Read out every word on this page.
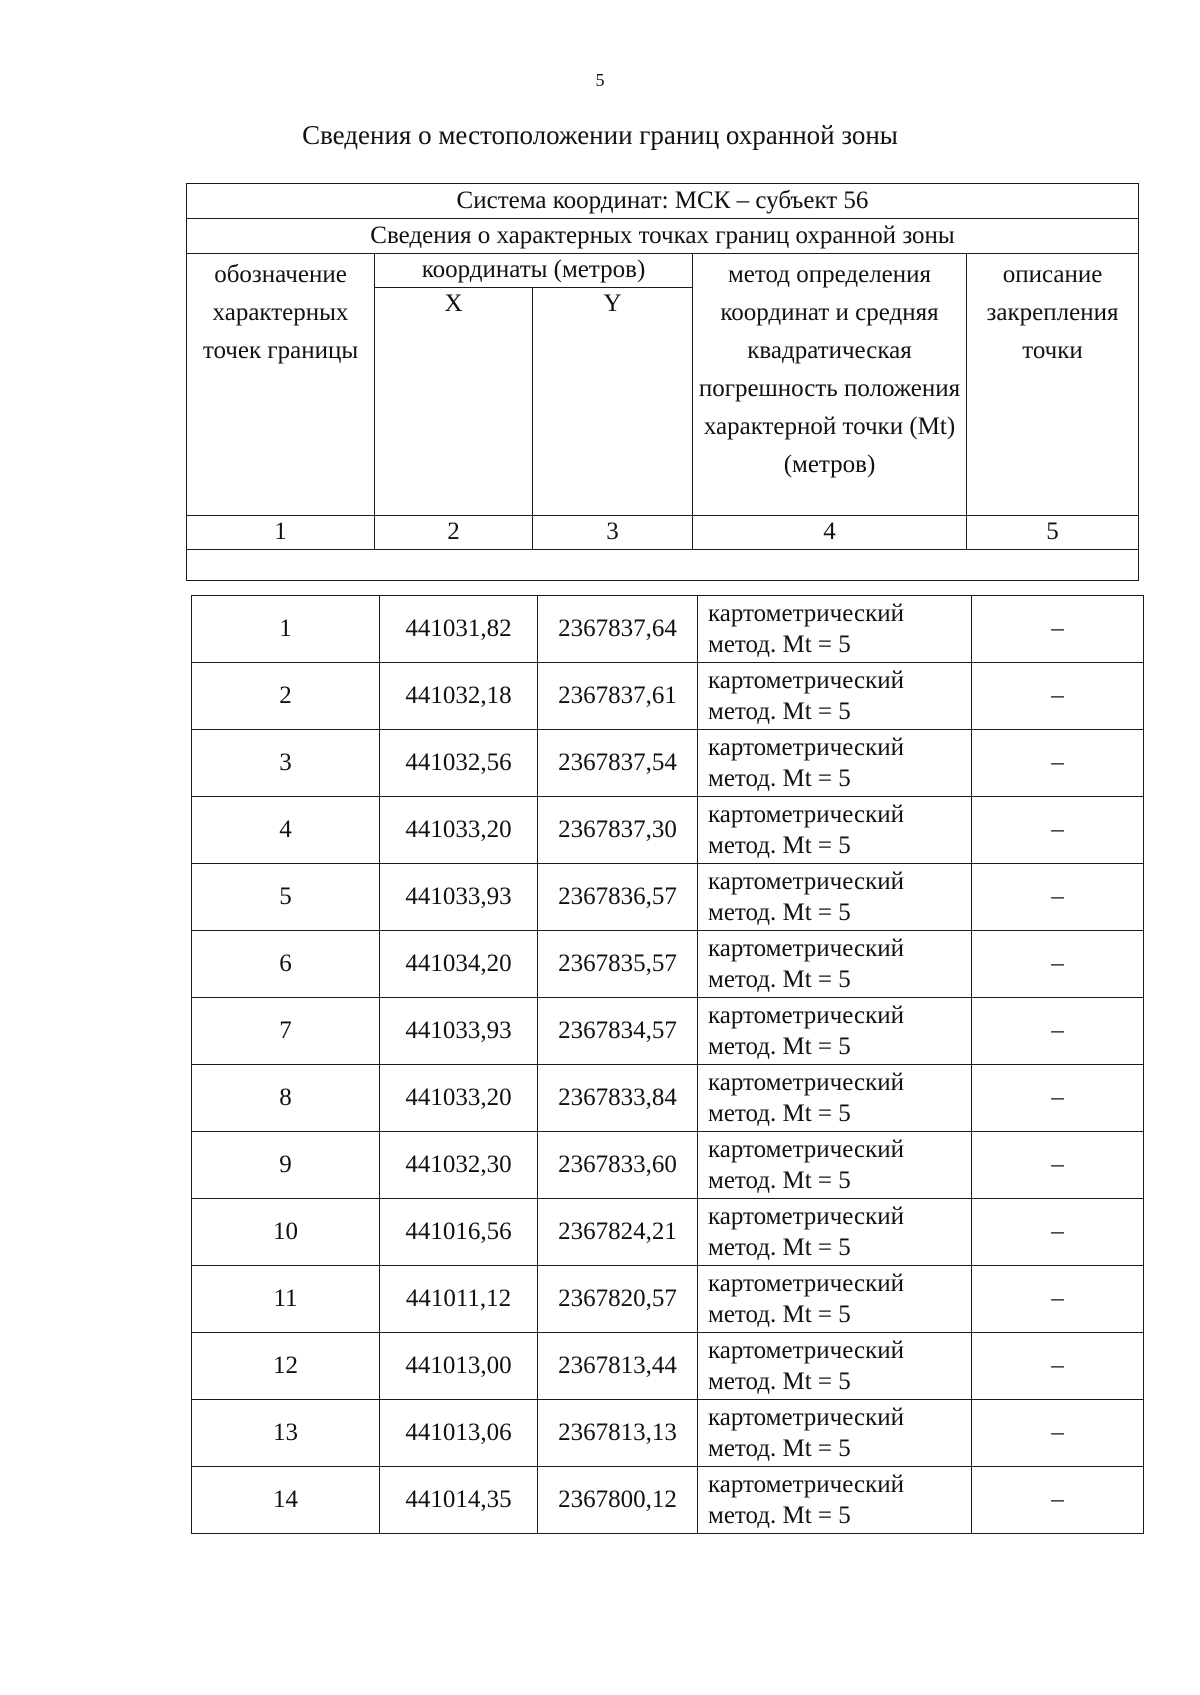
5
Сведения о местоположении границ охранной зоны
Система координат: МСК – субъект 56				
Сведения о характерных точках границ охранной зоны				
обозначение характерных точек границы	координаты (метров)		метод определения координат и средняя квадратическая погрешность положения характерной точки (Mt) (метров)	описание закрепления точки
	X	Y		
1	2	3	4	5

1	441031,82	2367837,64	картометрический
метод. Mt = 5	–
2	441032,18	2367837,61	картометрический
метод. Mt = 5	–
3	441032,56	2367837,54	картометрический
метод. Mt = 5	–
4	441033,20	2367837,30	картометрический
метод. Mt = 5	–
5	441033,93	2367836,57	картометрический
метод. Mt = 5	–
6	441034,20	2367835,57	картометрический
метод. Mt = 5	–
7	441033,93	2367834,57	картометрический
метод. Mt = 5	–
8	441033,20	2367833,84	картометрический
метод. Mt = 5	–
9	441032,30	2367833,60	картометрический
метод. Mt = 5	–
10	441016,56	2367824,21	картометрический
метод. Mt = 5	–
11	441011,12	2367820,57	картометрический
метод. Mt = 5	–
12	441013,00	2367813,44	картометрический
метод. Mt = 5	–
13	441013,06	2367813,13	картометрический
метод. Mt = 5	–
14	441014,35	2367800,12	картометрический
метод. Mt = 5	–
